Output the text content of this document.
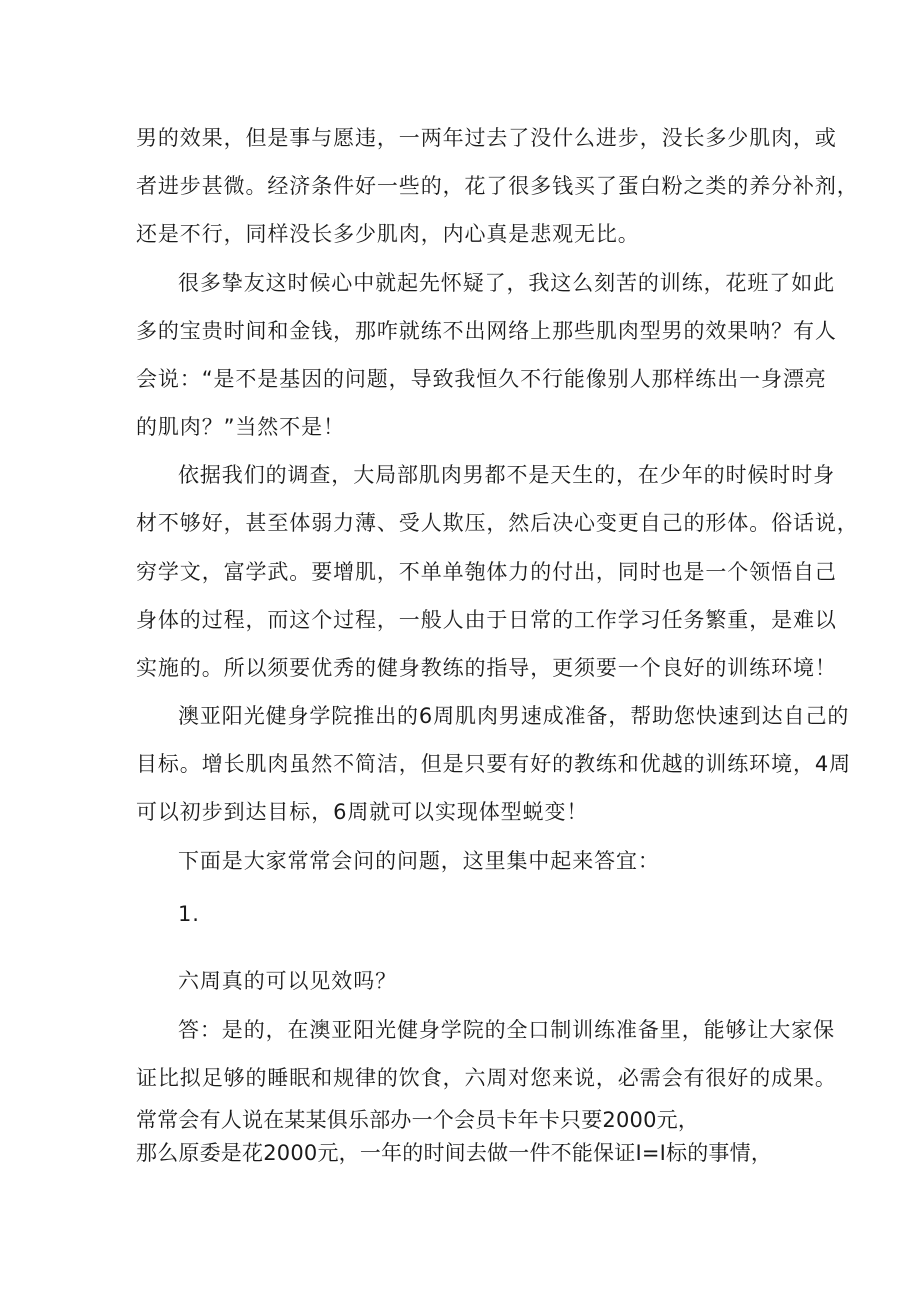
男的效果，但是事与愿违，一两年过去了没什么进步，没长多少肌肉，或
者进步甚微。经济条件好一些的，花了很多钱买了蛋白粉之类的养分补剂，
还是不行，同样没长多少肌肉，内心真是悲观无比。
很多挚友这时候心中就起先怀疑了，我这么刻苦的训练，花班了如此
多的宝贵时间和金钱，那咋就练不出网络上那些肌肉型男的效果呐？有人
会说：“是不是基因的问题，导致我恒久不行能像别人那样练出一身漂亮
的肌肉？”当然不是！
依据我们的调查，大局部肌肉男都不是天生的，在少年的时候时时身
材不够好，甚至体弱力薄、受人欺压，然后决心变更自己的形体。俗话说，
穷学文，富学武。要增肌，不单单匏体力的付出，同时也是一个领悟自己
身体的过程，而这个过程，一般人由于日常的工作学习任务繁重，是难以
实施的。所以须要优秀的健身教练的指导，更须要一个良好的训练环境！
澳亚阳光健身学院推出的6周肌肉男速成准备，帮助您快速到达自己的
目标。增长肌肉虽然不简洁，但是只要有好的教练和优越的训练环境，4周
可以初步到达目标，6周就可以实现体型蜕变！
下面是大家常常会问的问题，这里集中起来答宜：
1.
六周真的可以见效吗？
答：是的，在澳亚阳光健身学院的全口制训练准备里，能够让大家保
证比拟足够的睡眠和规律的饮食，六周对您来说，必需会有很好的成果。
常常会有人说在某某俱乐部办一个会员卡年卡只要2000元，
那么原委是花2000元，一年的时间去做一件不能保证I=I标的事情，
